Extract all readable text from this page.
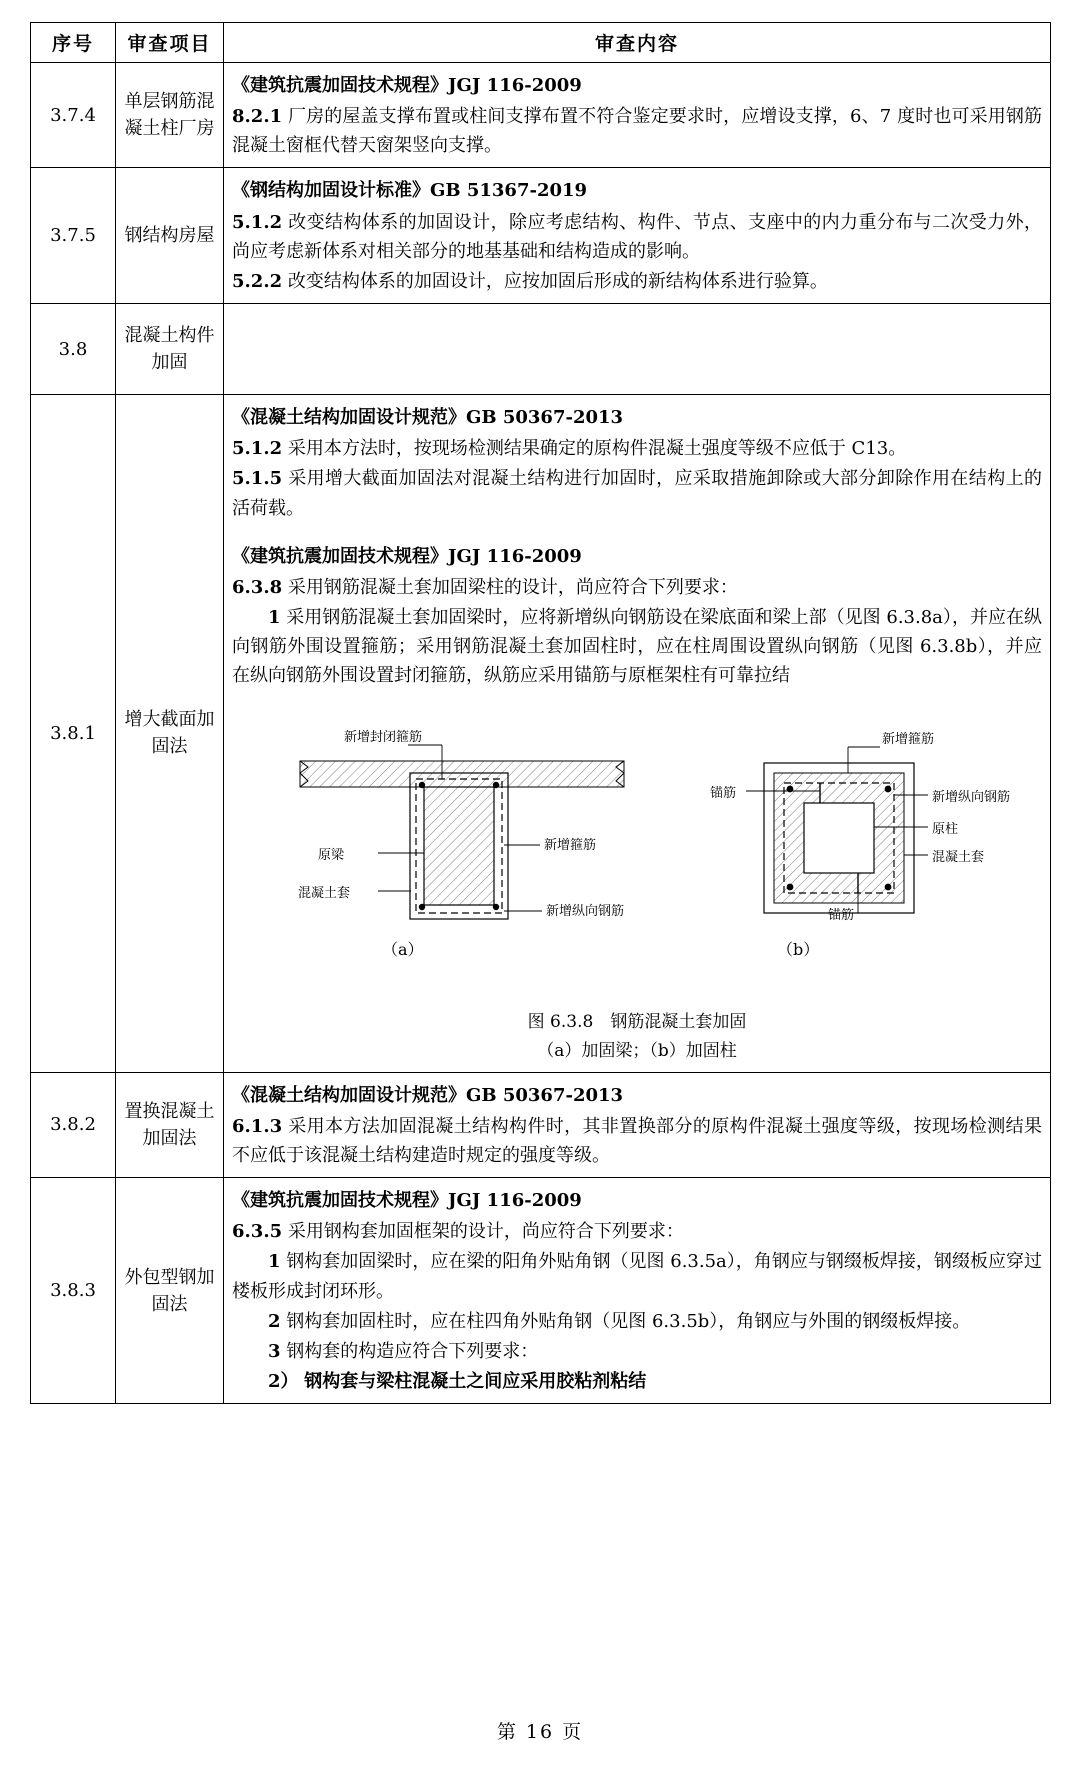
序号	审查项目	审查内容
3.7.4	单层钢筋混凝土柱厂房	《建筑抗震加固技术规程》JGJ 116-2009
8.2.1 厂房的屋盖支撑布置或柱间支撑布置不符合鉴定要求时，应增设支撑，6、7 度时也可采用钢筋混凝土窗框代替天窗架竖向支撑。

3.7.5	钢结构房屋	《钢结构加固设计标准》GB 51367-2019
5.1.2 改变结构体系的加固设计，除应考虑结构、构件、节点、支座中的内力重分布与二次受力外，尚应考虑新体系对相关部分的地基基础和结构造成的影响。
5.2.2 改变结构体系的加固设计，应按加固后形成的新结构体系进行验算。

3.8	混凝土构件加固	
3.8.1	增大截面加固法	
《混凝土结构加固设计规范》GB 50367-2013
5.1.2 采用本方法时，按现场检测结果确定的原构件混凝土强度等级不应低于 C13。
5.1.5 采用增大截面加固法对混凝土结构进行加固时，应采取措施卸除或大部分卸除作用在结构上的活荷载。
《建筑抗震加固技术规程》JGJ 116-2009
6.3.8 采用钢筋混凝土套加固梁柱的设计，尚应符合下列要求：
1 采用钢筋混凝土套加固梁时，应将新增纵向钢筋设在梁底面和梁上部（见图 6.3.8a），并应在纵向钢筋外围设置箍筋；采用钢筋混凝土套加固柱时，应在柱周围设置纵向钢筋（见图 6.3.8b），并应在纵向钢筋外围设置封闭箍筋，纵筋应采用锚筋与原框架柱有可靠拉结
新增封闭箍筋
新增箍筋
原梁
混凝土套
新增纵向钢筋
新增箍筋
锚筋	新增纵向钢筋
原柱
混凝土套
锚筋
（a）	（b）
图 6.3.8　钢筋混凝土套加固
（a）加固梁；（b）加固柱

3.8.2	置换混凝土加固法	《混凝土结构加固设计规范》GB 50367-2013
6.1.3 采用本方法加固混凝土结构构件时，其非置换部分的原构件混凝土强度等级，按现场检测结果不应低于该混凝土结构建造时规定的强度等级。

3.8.3	外包型钢加固法	
《建筑抗震加固技术规程》JGJ 116-2009
6.3.5 采用钢构套加固框架的设计，尚应符合下列要求：
1 钢构套加固梁时，应在梁的阳角外贴角钢（见图 6.3.5a），角钢应与钢缀板焊接，钢缀板应穿过楼板形成封闭环形。
2 钢构套加固柱时，应在柱四角外贴角钢（见图 6.3.5b），角钢应与外围的钢缀板焊接。
3 钢构套的构造应符合下列要求：
2） 钢构套与梁柱混凝土之间应采用胶粘剂粘结
第 16 页
